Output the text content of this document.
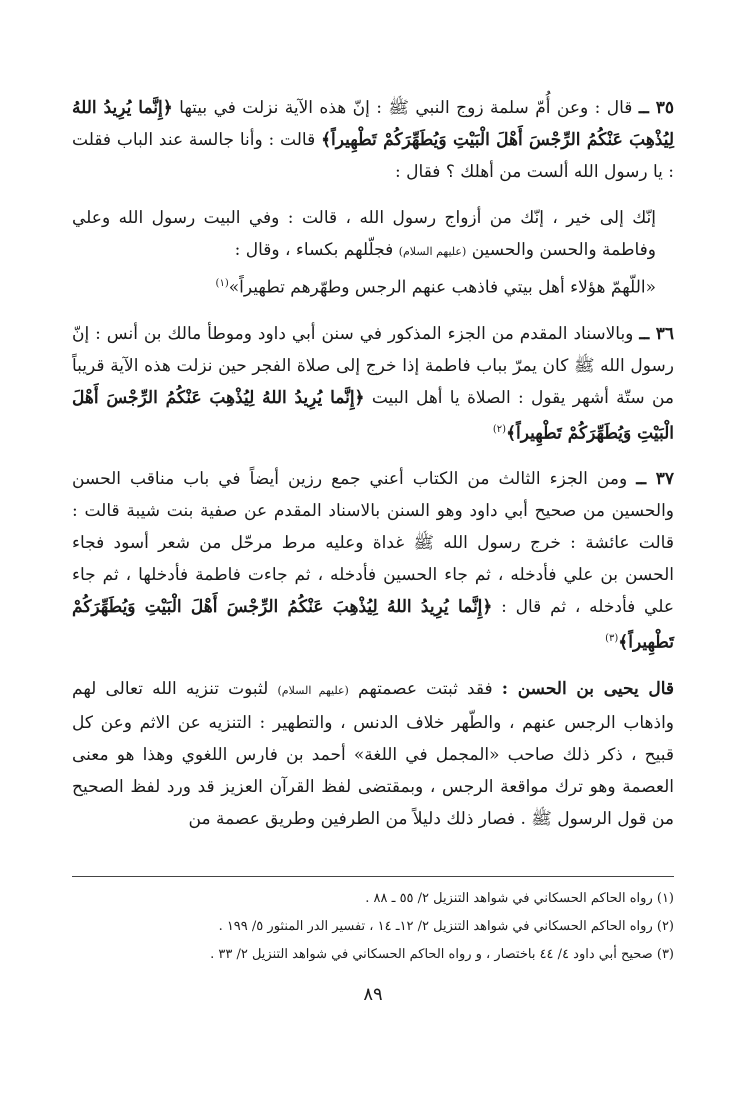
٣٥ ــ قال : وعن أُمّ سلمة زوج النبي ﷺ : إنّ هذه الآية نزلت في بيتها ﴿إِنَّما يُرِيدُ اللهُ لِيُذْهِبَ عَنْكُمُ الرِّجْسَ أَهْلَ الْبَيْتِ وَيُطَهِّرَكُمْ تَطْهِيراً﴾ قالت : وأنا جالسة عند الباب فقلت : يا رسول الله ألست من أهلك ؟ فقال :

إنّك إلى خير ، إنّك من أزواج رسول الله ، قالت : وفي البيت رسول الله وعلي وفاطمة والحسن والحسين (عليهم السلام) فجلّلهم بكساء ، وقال :
«اللّهمّ هؤلاء أهل بيتي فاذهب عنهم الرجس وطهّرهم تطهيراً»$^{(١)}$

٣٦ ــ وبالاسناد المقدم من الجزء المذكور في سنن أبي داود وموطأ مالك بن أنس : إنّ رسول الله ﷺ كان يمرّ بباب فاطمة إذا خرج إلى صلاة الفجر حين نزلت هذه الآية قريباً من ستّة أشهر يقول : الصلاة يا أهل البيت ﴿إِنَّما يُرِيدُ اللهُ لِيُذْهِبَ عَنْكُمُ الرِّجْسَ أَهْلَ الْبَيْتِ وَيُطَهِّرَكُمْ تَطْهِيراً﴾$^{(٢)}$

٣٧ ــ ومن الجزء الثالث من الكتاب أعني جمع رزين أيضاً في باب مناقب الحسن والحسين من صحيح أبي داود وهو السنن بالاسناد المقدم عن صفية بنت شيبة قالت : قالت عائشة : خرج رسول الله ﷺ غداة وعليه مرط مرحّل من شعر أسود فجاء الحسن بن علي فأدخله ، ثم جاء الحسين فأدخله ، ثم جاءت فاطمة فأدخلها ، ثم جاء علي فأدخله ، ثم قال : ﴿إِنَّما يُرِيدُ اللهُ لِيُذْهِبَ عَنْكُمُ الرِّجْسَ أَهْلَ الْبَيْتِ وَيُطَهِّرَكُمْ تَطْهِيراً﴾$^{(٣)}$

قال يحيى بن الحسن : فقد ثبتت عصمتهم (عليهم السلام) لثبوت تنزيه الله تعالى لهم واذهاب الرجس عنهم ، والطّهر خلاف الدنس ، والتطهير : التنزيه عن الاثم وعن كل قبيح ، ذكر ذلك صاحب «المجمل في اللغة» أحمد بن فارس اللغوي وهذا هو معنى العصمة وهو ترك مواقعة الرجس ، وبمقتضى لفظ القرآن العزيز قد ورد لفظ الصحيح من قول الرسول ﷺ . فصار ذلك دليلاً من الطرفين وطريق عصمة من

(١) رواه الحاكم الحسكاني في شواهد التنزيل ٢/ ٥٥ ـ ٨٨ .
(٢) رواه الحاكم الحسكاني في شواهد التنزيل ٢/ ١٢ـ ١٤ ، تفسير الدر المنثور ٥/ ١٩٩ .
(٣) صحيح أبي داود ٤/ ٤٤ باختصار ، و رواه الحاكم الحسكاني في شواهد التنزيل ٢/ ٣٣ .
٨٩
